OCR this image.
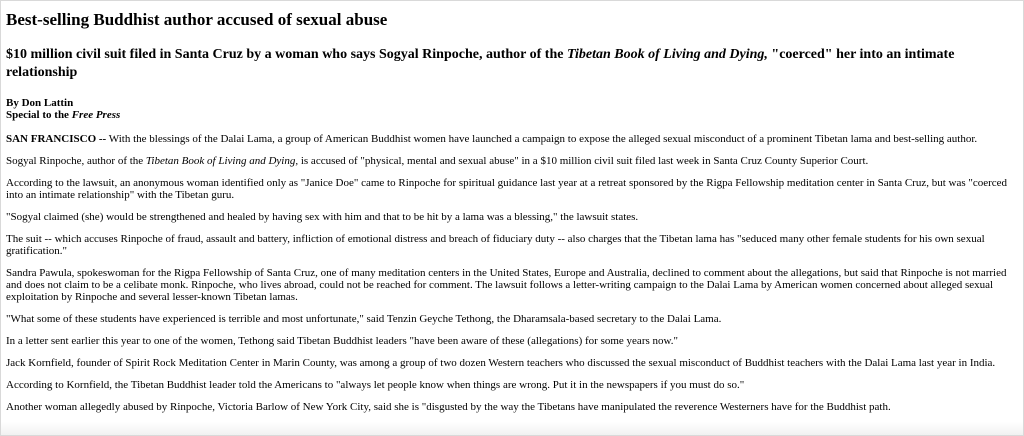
Best-selling Buddhist author accused of sexual abuse
$10 million civil suit filed in Santa Cruz by a woman who says Sogyal Rinpoche, author of the Tibetan Book of Living and Dying, "coerced" her into an intimate relationship
By Don Lattin
Special to the Free Press

SAN FRANCISCO -- With the blessings of the Dalai Lama, a group of American Buddhist women have launched a campaign to expose the alleged sexual misconduct of a prominent Tibetan lama and best-selling author.

Sogyal Rinpoche, author of the Tibetan Book of Living and Dying, is accused of "physical, mental and sexual abuse" in a $10 million civil suit filed last week in Santa Cruz County Superior Court.

According to the lawsuit, an anonymous woman identified only as "Janice Doe" came to Rinpoche for spiritual guidance last year at a retreat sponsored by the Rigpa Fellowship meditation center in Santa Cruz, but was "coerced into an intimate relationship" with the Tibetan guru.

"Sogyal claimed (she) would be strengthened and healed by having sex with him and that to be hit by a lama was a blessing," the lawsuit states.

The suit -- which accuses Rinpoche of fraud, assault and battery, infliction of emotional distress and breach of fiduciary duty -- also charges that the Tibetan lama has "seduced many other female students for his own sexual gratification."

Sandra Pawula, spokeswoman for the Rigpa Fellowship of Santa Cruz, one of many meditation centers in the United States, Europe and Australia, declined to comment about the allegations, but said that Rinpoche is not married and does not claim to be a celibate monk. Rinpoche, who lives abroad, could not be reached for comment. The lawsuit follows a letter-writing campaign to the Dalai Lama by American women concerned about alleged sexual exploitation by Rinpoche and several lesser-known Tibetan lamas.

"What some of these students have experienced is terrible and most unfortunate," said Tenzin Geyche Tethong, the Dharamsala-based secretary to the Dalai Lama.

In a letter sent earlier this year to one of the women, Tethong said Tibetan Buddhist leaders "have been aware of these (allegations) for some years now."

Jack Kornfield, founder of Spirit Rock Meditation Center in Marin County, was among a group of two dozen Western teachers who discussed the sexual misconduct of Buddhist teachers with the Dalai Lama last year in India.

According to Kornfield, the Tibetan Buddhist leader told the Americans to "always let people know when things are wrong. Put it in the newspapers if you must do so."

Another woman allegedly abused by Rinpoche, Victoria Barlow of New York City, said she is "disgusted by the way the Tibetans have manipulated the reverence Westerners have for the Buddhist path.
